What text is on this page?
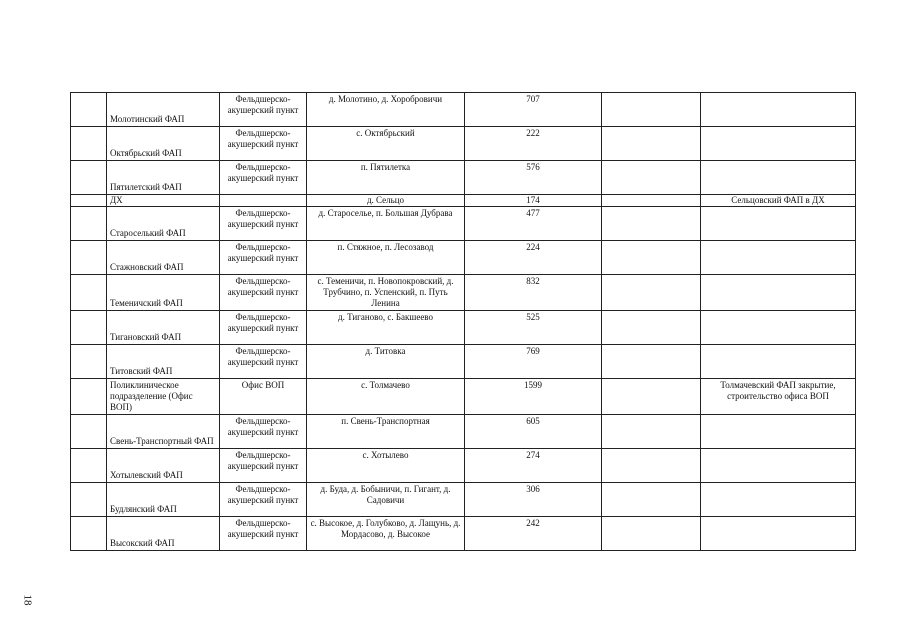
	Молотинский ФАП	Фельдшерско-акушерский пункт	д. Молотино, д. Хоробровичи	707		
	Октябрьский ФАП	Фельдшерско-акушерский пункт	с. Октябрьский	222		
	Пятилетский ФАП	Фельдшерско-акушерский пункт	п. Пятилетка	576		
	ДХ		д. Сельцо	174		Сельцовский ФАП в ДХ
	Староселький ФАП	Фельдшерско-акушерский пункт	д. Староселье, п. Большая Дубрава	477		
	Стажновский ФАП	Фельдшерско-акушерский пункт	п. Стяжное, п. Лесозавод	224		
	Теменичский ФАП	Фельдшерско-акушерский пункт	с. Теменичи, п. Новопокровский, д. Трубчино, п. Успенский, п. Путь Ленина	832		
	Тигановский ФАП	Фельдшерско-акушерский пункт	д. Тиганово, с. Бакшеево	525		
	Титовский ФАП	Фельдшерско-акушерский пункт	д. Титовка	769		
	Поликлиническое подразделение (Офис ВОП)	Офис ВОП	с. Толмачево	1599		Толмачевский ФАП закрытие, строительство офиса ВОП
	Свень-Транспортный ФАП	Фельдшерско-акушерский пункт	п. Свень-Транспортная	605		
	Хотылевский ФАП	Фельдшерско-акушерский пункт	с. Хотылево	274		
	Будлянский ФАП	Фельдшерско-акушерский пункт	д. Буда, д. Бобыничи, п. Гигант, д. Садовичи	306		
	Высокский ФАП	Фельдшерско-акушерский пункт	с. Высокое, д. Голубково, д. Лащунь, д. Мордасово, д. Высокое	242		
18
